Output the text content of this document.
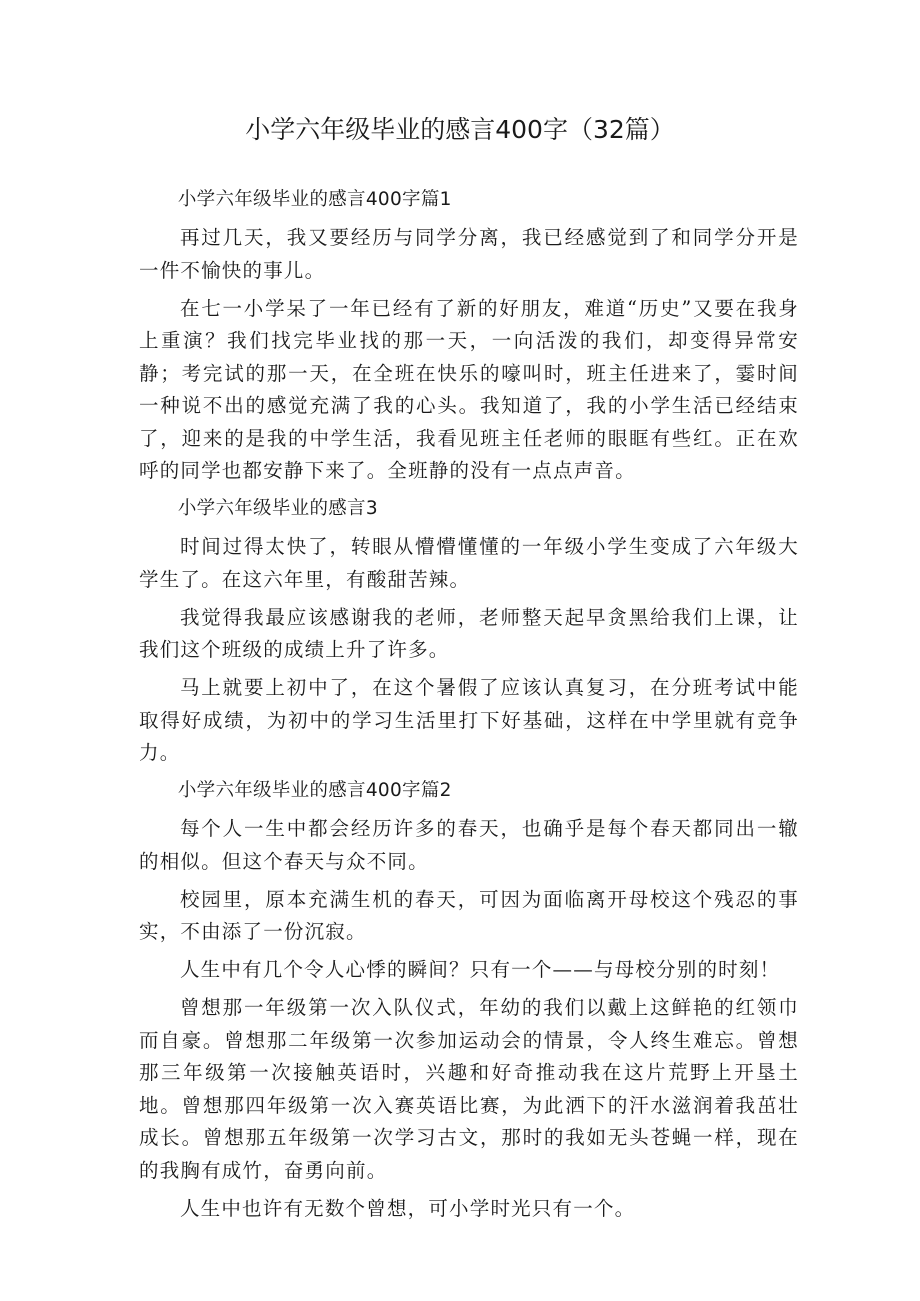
小学六年级毕业的感言400字（32篇）

小学六年级毕业的感言400字篇1

再过几天，我又要经历与同学分离，我已经感觉到了和同学分开是一件不愉快的事儿。

在七一小学呆了一年已经有了新的好朋友，难道“历史”又要在我身上重演？我们找完毕业找的那一天，一向活泼的我们，却变得异常安静；考完试的那一天，在全班在快乐的嚎叫时，班主任进来了，霎时间一种说不出的感觉充满了我的心头。我知道了，我的小学生活已经结束了，迎来的是我的中学生活，我看见班主任老师的眼眶有些红。正在欢呼的同学也都安静下来了。全班静的没有一点点声音。

小学六年级毕业的感言3

时间过得太快了，转眼从懵懵懂懂的一年级小学生变成了六年级大学生了。在这六年里，有酸甜苦辣。

我觉得我最应该感谢我的老师，老师整天起早贪黑给我们上课，让我们这个班级的成绩上升了许多。

马上就要上初中了，在这个暑假了应该认真复习，在分班考试中能取得好成绩，为初中的学习生活里打下好基础，这样在中学里就有竞争力。

小学六年级毕业的感言400字篇2

每个人一生中都会经历许多的春天，也确乎是每个春天都同出一辙的相似。但这个春天与众不同。

校园里，原本充满生机的春天，可因为面临离开母校这个残忍的事实，不由添了一份沉寂。

人生中有几个令人心悸的瞬间？只有一个——与母校分别的时刻！

曾想那一年级第一次入队仪式，年幼的我们以戴上这鲜艳的红领巾而自豪。曾想那二年级第一次参加运动会的情景，令人终生难忘。曾想那三年级第一次接触英语时，兴趣和好奇推动我在这片荒野上开垦土地。曾想那四年级第一次入赛英语比赛，为此洒下的汗水滋润着我茁壮成长。曾想那五年级第一次学习古文，那时的我如无头苍蝇一样，现在的我胸有成竹，奋勇向前。

人生中也许有无数个曾想，可小学时光只有一个。
